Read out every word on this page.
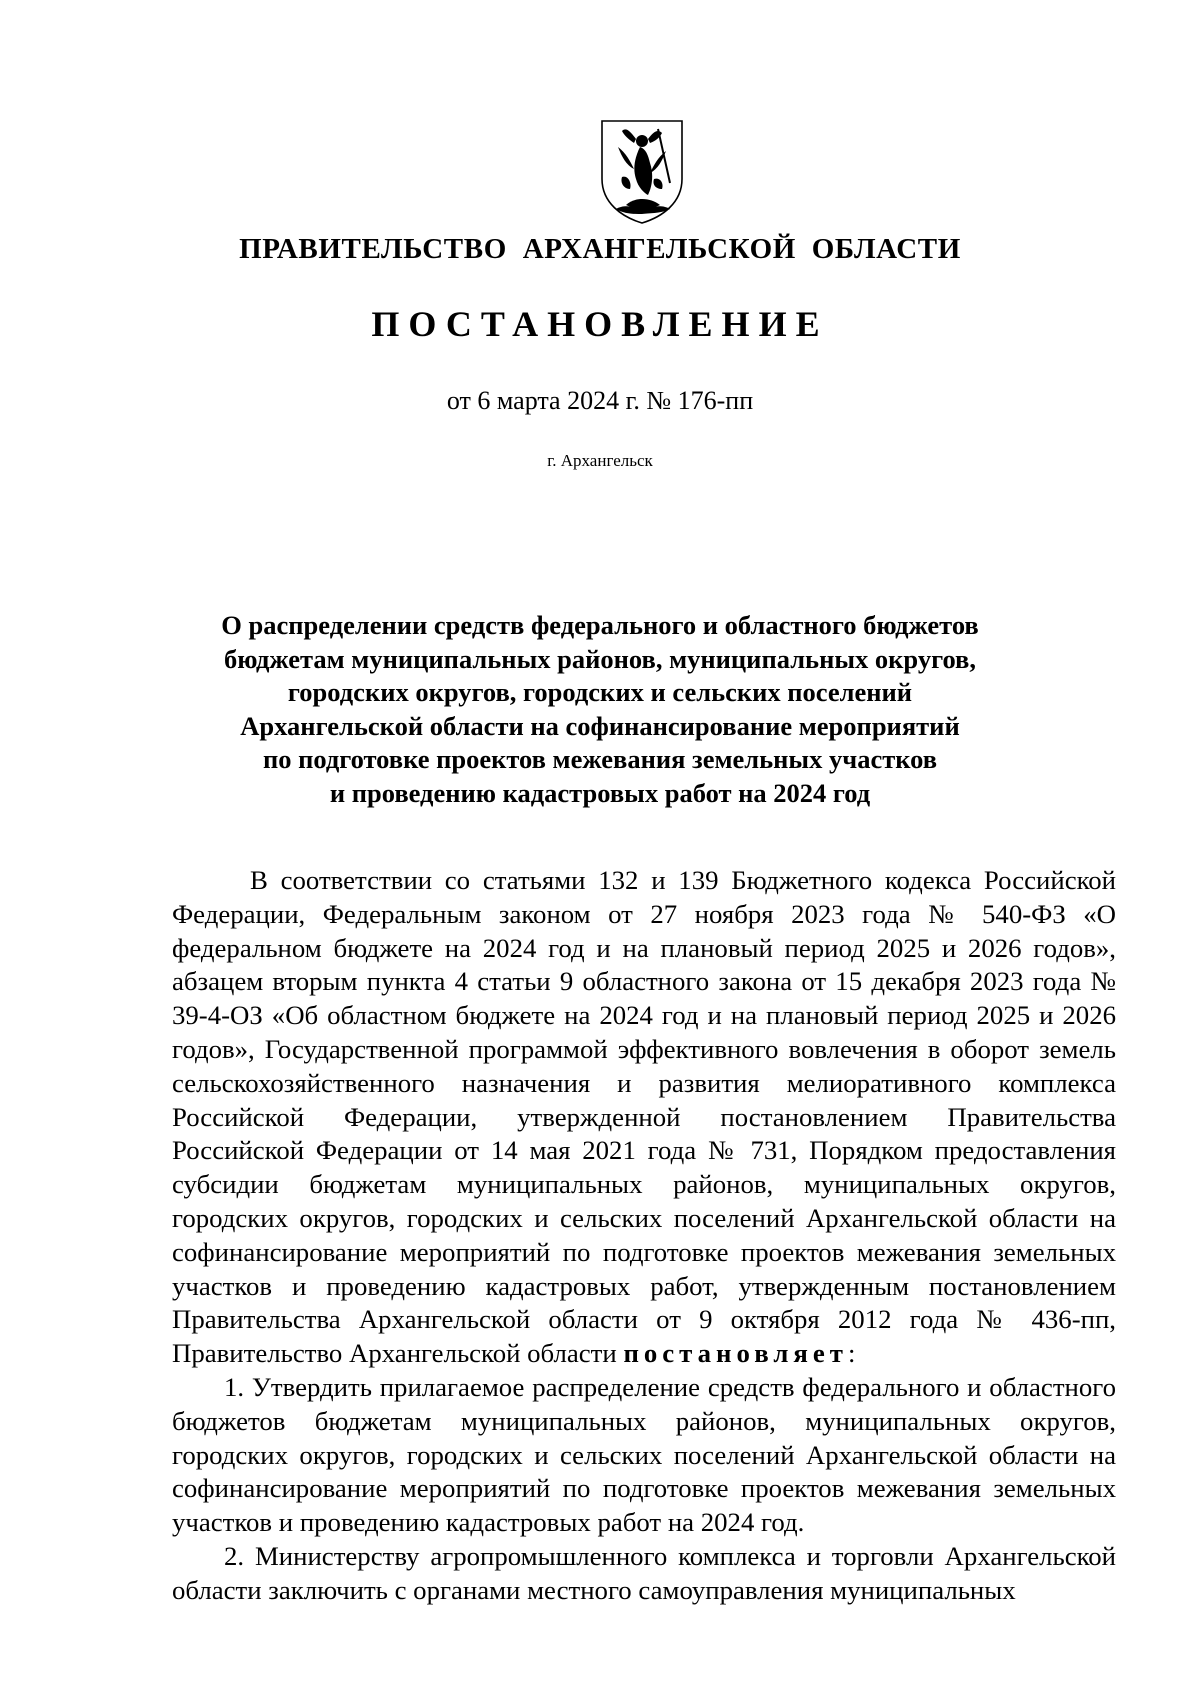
ПРАВИТЕЛЬСТВО АРХАНГЕЛЬСКОЙ ОБЛАСТИ
ПОСТАНОВЛЕНИЕ
от 6 марта 2024 г. № 176-пп
г. Архангельск
О распределении средств федерального и областного бюджетов
бюджетам муниципальных районов, муниципальных округов,
городских округов, городских и сельских поселений
Архангельской области на софинансирование мероприятий
по подготовке проектов межевания земельных участков
и проведению кадастровых работ на 2024 год

В соответствии со статьями 132 и 139 Бюджетного кодекса Российской Федерации, Федеральным законом от 27 ноября 2023 года № 540-ФЗ «О федеральном бюджете на 2024 год и на плановый период 2025 и 2026 годов», абзацем вторым пункта 4 статьи 9 областного закона от 15 декабря 2023 года № 39-4-ОЗ «Об областном бюджете на 2024 год и на плановый период 2025 и 2026 годов», Государственной программой эффективного вовлечения в оборот земель сельскохозяйственного назначения и развития мелиоративного комплекса Российской Федерации, утвержденной постановлением Правительства Российской Федерации от 14 мая 2021 года № 731, Порядком предоставления субсидии бюджетам муниципальных районов, муниципальных округов, городских округов, городских и сельских поселений Архангельской области на софинансирование мероприятий по подготовке проектов межевания земельных участков и проведению кадастровых работ, утвержденным постановлением Правительства Архангельской области от 9 октября 2012 года № 436-пп, Правительство Архангельской области постановляет:

1. Утвердить прилагаемое распределение средств федерального и областного бюджетов бюджетам муниципальных районов, муниципальных округов, городских округов, городских и сельских поселений Архангельской области на софинансирование мероприятий по подготовке проектов межевания земельных участков и проведению кадастровых работ на 2024 год.

2. Министерству агропромышленного комплекса и торговли Архангельской области заключить с органами местного самоуправления муниципальных
